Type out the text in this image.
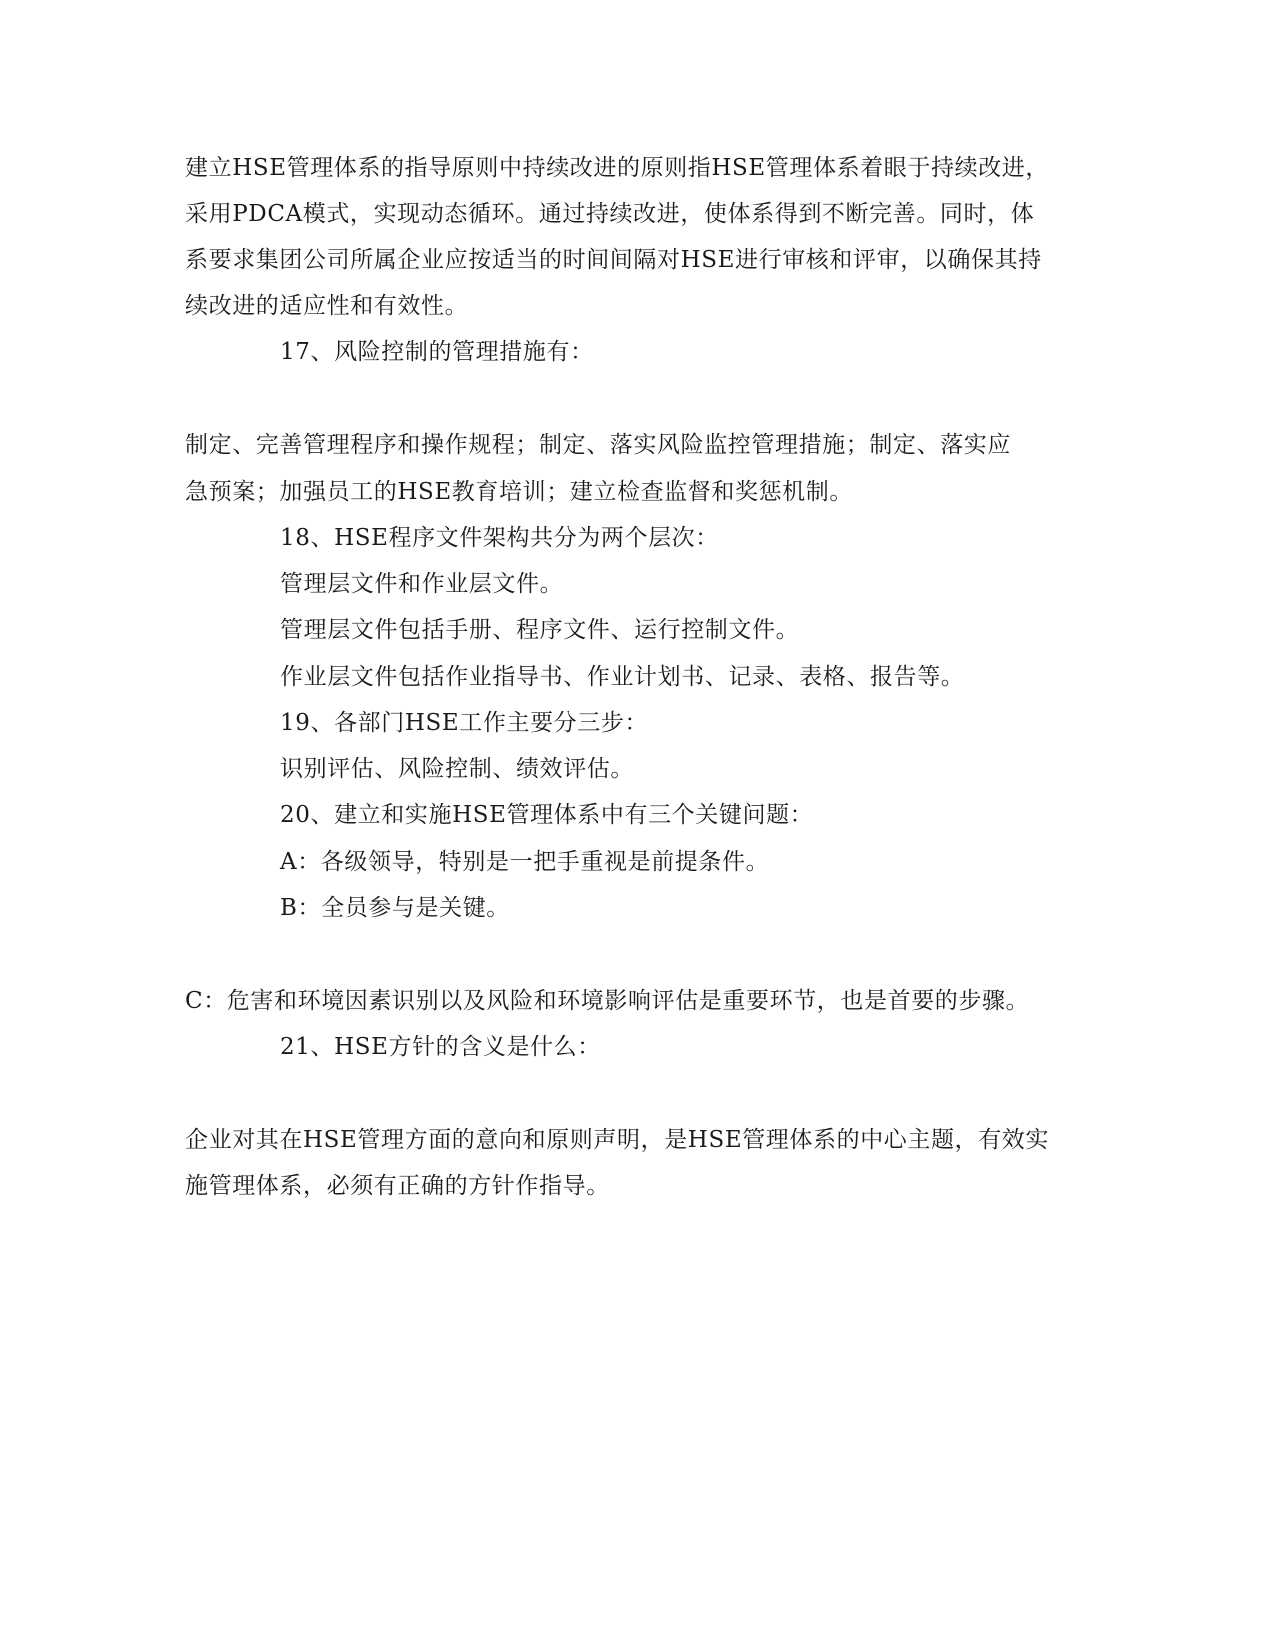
建立HSE管理体系的指导原则中持续改进的原则指HSE管理体系着眼于持续改进，
采用PDCA模式，实现动态循环。通过持续改进，使体系得到不断完善。同时，体
系要求集团公司所属企业应按适当的时间间隔对HSE进行审核和评审，以确保其持
续改进的适应性和有效性。
17、风险控制的管理措施有：
制定、完善管理程序和操作规程；制定、落实风险监控管理措施；制定、落实应
急预案；加强员工的HSE教育培训；建立检查监督和奖惩机制。
18、HSE程序文件架构共分为两个层次：
管理层文件和作业层文件。
管理层文件包括手册、程序文件、运行控制文件。
作业层文件包括作业指导书、作业计划书、记录、表格、报告等。
19、各部门HSE工作主要分三步：
识别评估、风险控制、绩效评估。
20、建立和实施HSE管理体系中有三个关键问题：
A：各级领导，特别是一把手重视是前提条件。
B：全员参与是关键。
C：危害和环境因素识别以及风险和环境影响评估是重要环节，也是首要的步骤。
21、HSE方针的含义是什么：
企业对其在HSE管理方面的意向和原则声明，是HSE管理体系的中心主题，有效实
施管理体系，必须有正确的方针作指导。
